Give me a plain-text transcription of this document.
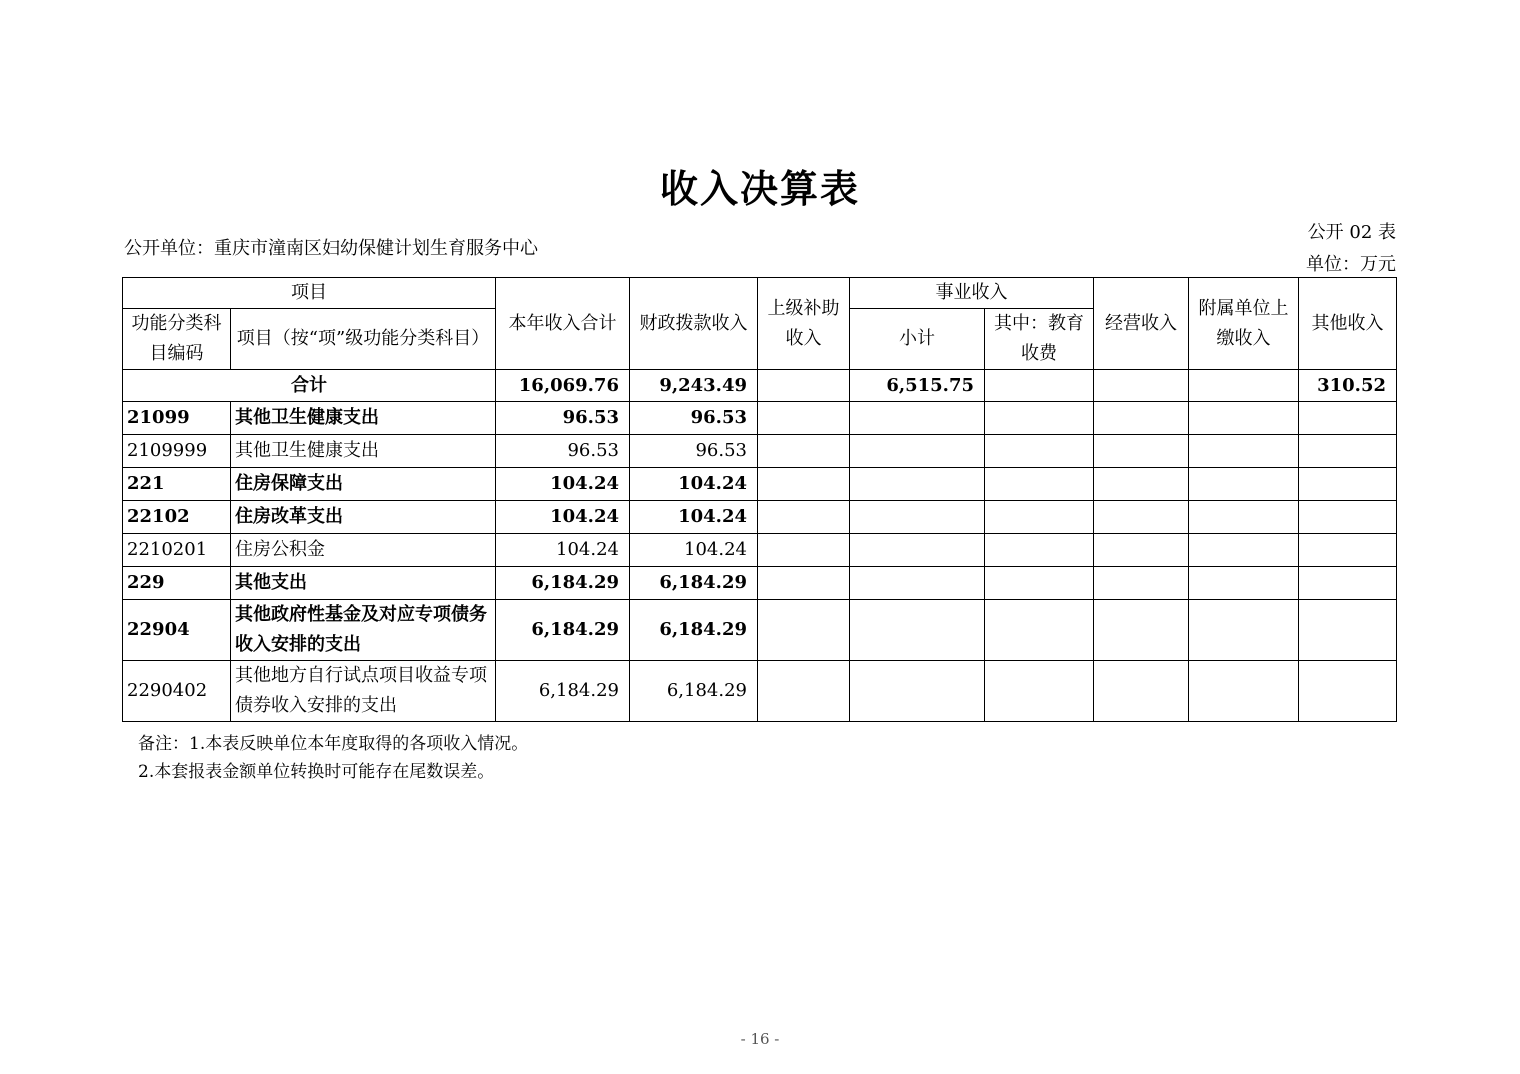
收入决算表
公开单位：重庆市潼南区妇幼保健计划生育服务中心
公开 02 表
单位：万元
项目		本年收入合计	财政拨款收入	上级补助收入	事业收入		经营收入	附属单位上缴收入	其他收入
功能分类科目编码	项目（按“项”级功能分类科目）				小计	其中：教育收费			

合计		16,069.76	9,243.49		6,515.75				310.52
21099	其他卫生健康支出	96.53	96.53						
2109999	其他卫生健康支出	96.53	96.53						
221	住房保障支出	104.24	104.24						
22102	住房改革支出	104.24	104.24						
2210201	住房公积金	104.24	104.24						
229	其他支出	6,184.29	6,184.29						
22904	其他政府性基金及对应专项债务收入安排的支出	6,184.29	6,184.29						
2290402	其他地方自行试点项目收益专项债券收入安排的支出	6,184.29	6,184.29						
备注：1.本表反映单位本年度取得的各项收入情况。
2.本套报表金额单位转换时可能存在尾数误差。
- 16 -
